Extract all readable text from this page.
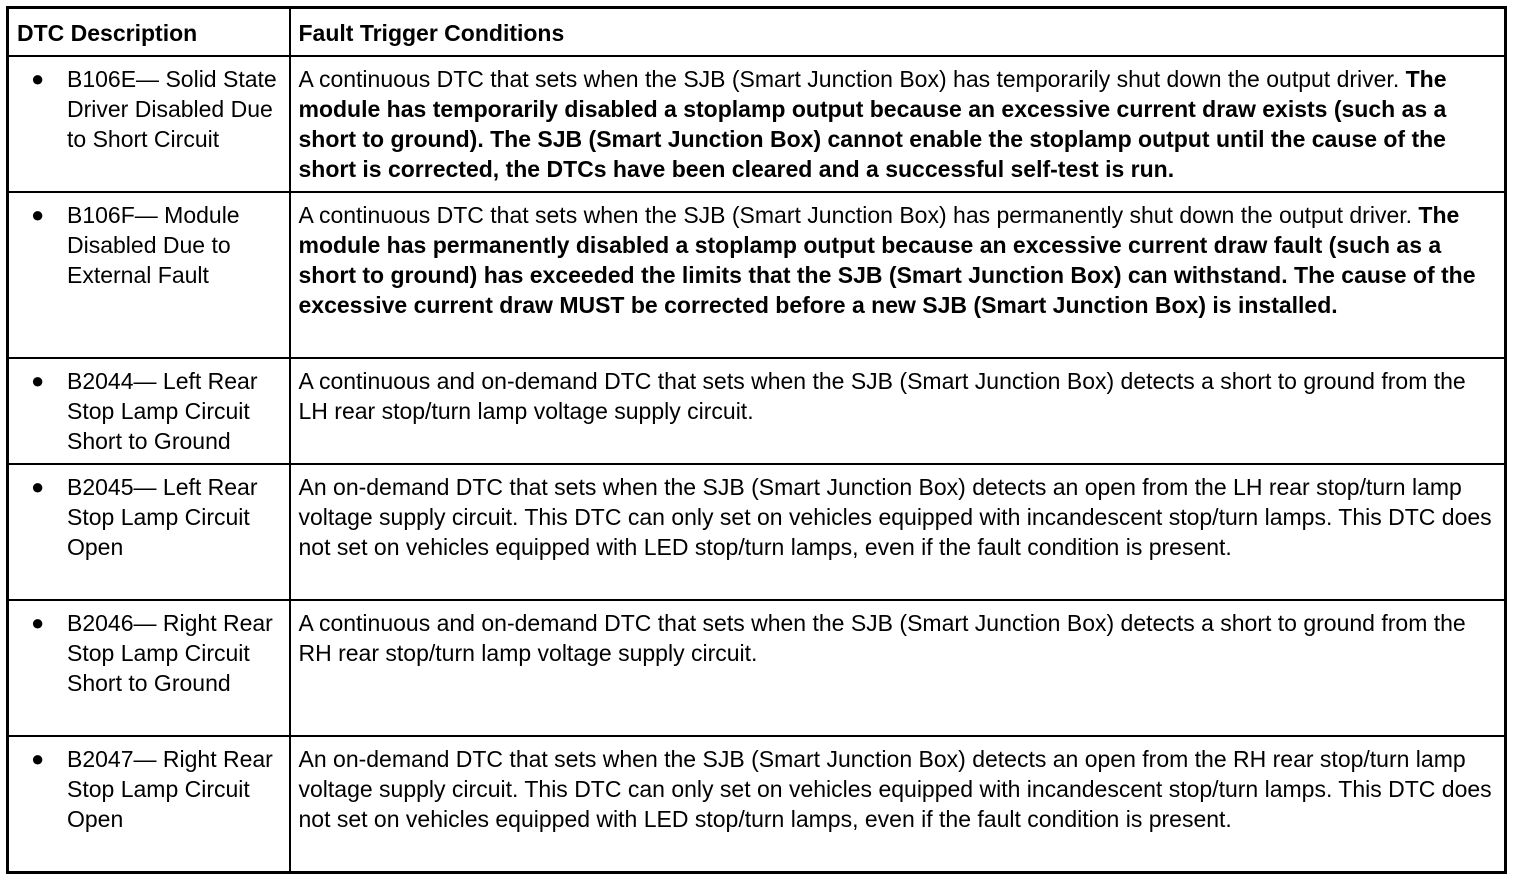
DTC Description	Fault Trigger Conditions

● B106E— Solid State Driver Disabled Due to Short Circuit	A continuous DTC that sets when the SJB (Smart Junction Box) has temporarily shut down the output driver. The module has temporarily disabled a stoplamp output because an excessive current draw exists (such as a short to ground). The SJB (Smart Junction Box) cannot enable the stoplamp output until the cause of the short is corrected, the DTCs have been cleared and a successful self-test is run.

● B106F— Module Disabled Due to External Fault	A continuous DTC that sets when the SJB (Smart Junction Box) has permanently shut down the output driver. The module has permanently disabled a stoplamp output because an excessive current draw fault (such as a short to ground) has exceeded the limits that the SJB (Smart Junction Box) can withstand. The cause of the excessive current draw MUST be corrected before a new SJB (Smart Junction Box) is installed.

● B2044— Left Rear Stop Lamp Circuit Short to Ground	A continuous and on-demand DTC that sets when the SJB (Smart Junction Box) detects a short to ground from the LH rear stop/turn lamp voltage supply circuit.

● B2045— Left Rear Stop Lamp Circuit Open	An on-demand DTC that sets when the SJB (Smart Junction Box) detects an open from the LH rear stop/turn lamp voltage supply circuit. This DTC can only set on vehicles equipped with incandescent stop/turn lamps. This DTC does not set on vehicles equipped with LED stop/turn lamps, even if the fault condition is present.

● B2046— Right Rear Stop Lamp Circuit Short to Ground	A continuous and on-demand DTC that sets when the SJB (Smart Junction Box) detects a short to ground from the RH rear stop/turn lamp voltage supply circuit.

● B2047— Right Rear Stop Lamp Circuit Open	An on-demand DTC that sets when the SJB (Smart Junction Box) detects an open from the RH rear stop/turn lamp voltage supply circuit. This DTC can only set on vehicles equipped with incandescent stop/turn lamps. This DTC does not set on vehicles equipped with LED stop/turn lamps, even if the fault condition is present.
